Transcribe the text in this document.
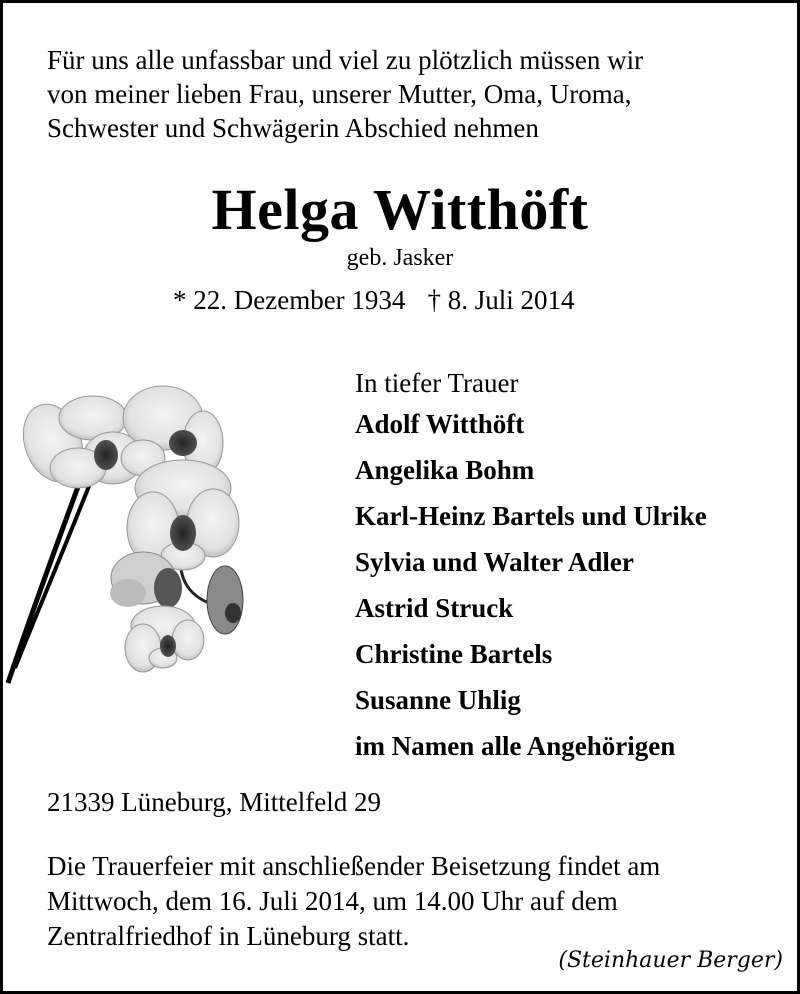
Für uns alle unfassbar und viel zu plötzlich müssen wir
von meiner lieben Frau, unserer Mutter, Oma, Uroma,
Schwester und Schwägerin Abschied nehmen
Helga Witthöft
geb. Jasker
* 22. Dezember 1934 † 8. Juli 2014
In tiefer Trauer
Adolf Witthöft
Angelika Bohm
Karl-Heinz Bartels und Ulrike
Sylvia und Walter Adler
Astrid Struck
Christine Bartels
Susanne Uhlig
im Namen alle Angehörigen
21339 Lüneburg, Mittelfeld 29
Die Trauerfeier mit anschließender Beisetzung findet am
Mittwoch, dem 16. Juli 2014, um 14.00 Uhr auf dem
Zentralfriedhof in Lüneburg statt.
(Steinhauer Berger)
